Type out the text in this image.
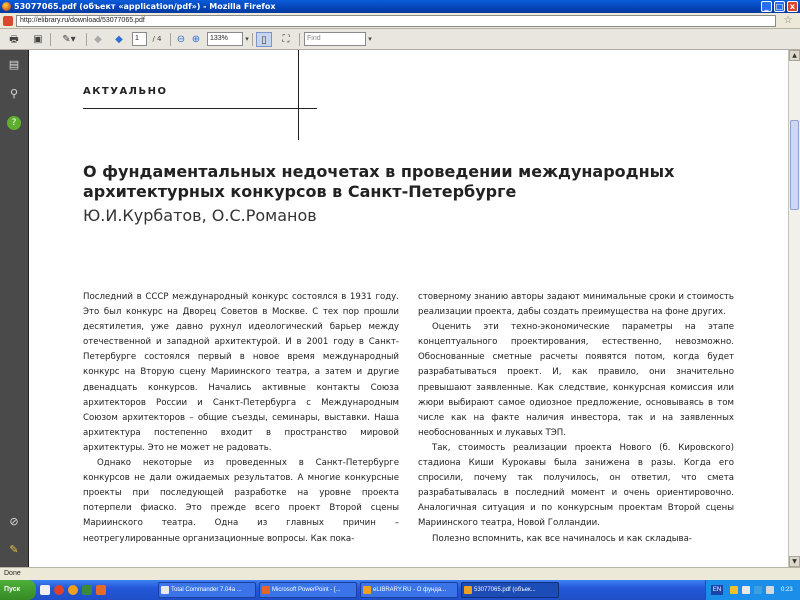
53077065.pdf (объект «application/pdf») - Mozilla Firefox	_ □ x
http://elibrary.ru/download/53077065.pdf	☆
🖶	▣	✎▾	◆	◆	1	/ 4 ⊖ ⊕	133%	▾	▯	⛶	Find	▾
▤
⚲
?
⊘
✎
АКТУАЛЬНО
О фундаментальных недочетах в проведении международных
архитектурных конкурсов в Санкт-Петербурге
Ю.И.Курбатов, О.С.Романов

Последний в СССР международный конкурс состоялся в 1931 году. Это был конкурс на Дворец Советов в Москве. С тех пор прошли десятилетия, уже давно рухнул идеологический барьер между отечественной и западной архитектурой. И в 2001 году в Санкт-Петербурге состоялся первый в новое время международный конкурс на Вторую сцену Мариинского театра, а затем и другие двенадцать конкурсов. Начались активные контакты Союза архитекторов России и Санкт-Петербурга с Международным Союзом архитекторов – общие съезды, семинары, выставки. Наша архитектура постепенно входит в пространство мировой архитектуры. Это не может не радовать.

Однако некоторые из проведенных в Санкт-Петербурге конкурсов не дали ожидаемых результатов. А многие конкурсные проекты при последующей разработке на уровне проекта потерпели фиаско. Это прежде всего проект Второй сцены Мариинского театра. Одна из главных причин – неотрегулированные организационные вопросы. Как пока-

стоверному знанию авторы задают минимальные сроки и стоимость реализации проекта, дабы создать преимущества на фоне других.

Оценить эти техно-экономические параметры на этапе концептуального проектирования, естественно, невозможно. Обоснованные сметные расчеты появятся потом, когда будет разрабатываться проект. И, как правило, они значительно превышают заявленные. Как следствие, конкурсная комиссия или жюри выбирают самое одиозное предложение, основываясь в том числе как на факте наличия инвестора, так и на заявленных необоснованных и лукавых ТЭП.

Так, стоимость реализации проекта Нового (б. Кировского) стадиона Киши Курокавы была занижена в разы. Когда его спросили, почему так получилось, он ответил, что смета разрабатывалась в последний момент и очень ориентировочно. Аналогичная ситуация и по конкурсным проектам Второй сцены Мариинского театра, Новой Голландии.

Полезно вспомнить, как все начиналось и как складыва-

▲
▼
Done
Пуск	Total Commander 7.04a ...	Microsoft PowerPoint - [...	eLIBRARY.RU - О фунда...	53077065.pdf (объек...	EN	0:23
